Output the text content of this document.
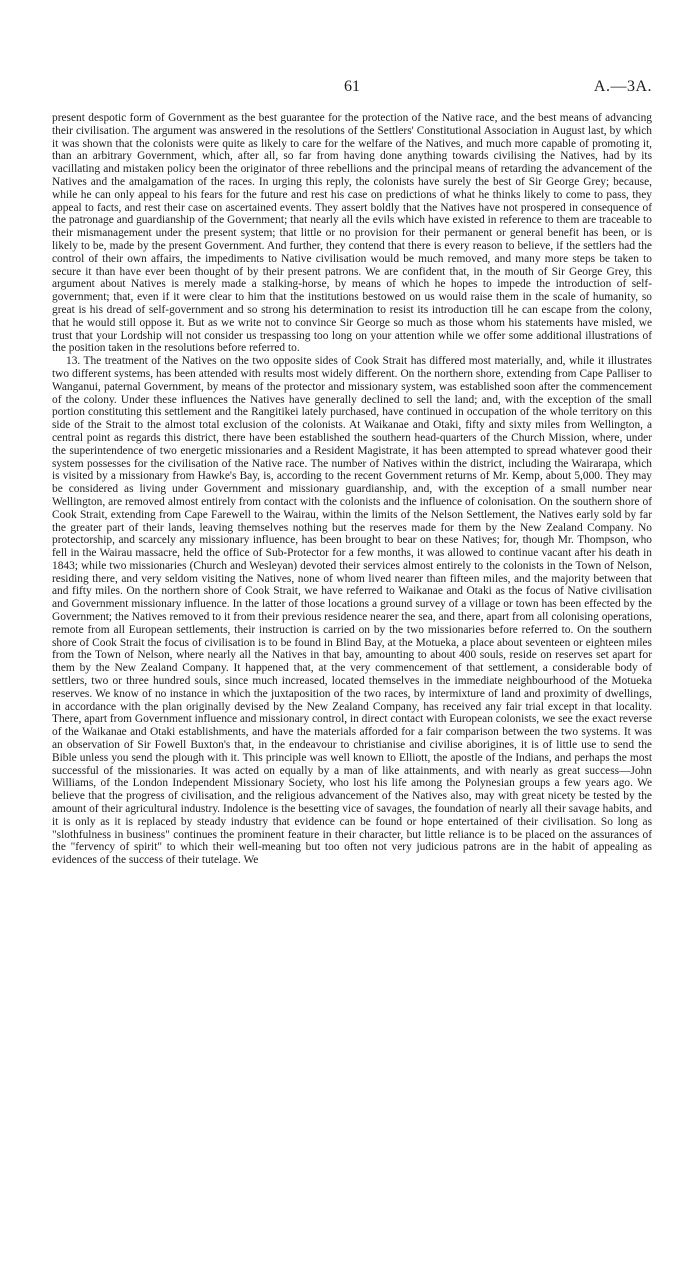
61	A.—3A.

present despotic form of Government as the best guarantee for the protection of the Native race, and the best means of advancing their civilisation. The argument was answered in the resolutions of the Settlers' Constitutional Association in August last, by which it was shown that the colonists were quite as likely to care for the welfare of the Natives, and much more capable of promoting it, than an arbitrary Government, which, after all, so far from having done anything towards civilising the Natives, had by its vacillating and mistaken policy been the originator of three rebellions and the principal means of retarding the advancement of the Natives and the amalgamation of the races. In urging this reply, the colonists have surely the best of Sir George Grey; because, while he can only appeal to his fears for the future and rest his case on predictions of what he thinks likely to come to pass, they appeal to facts, and rest their case on ascertained events. They assert boldly that the Natives have not prospered in consequence of the patronage and guardianship of the Government; that nearly all the evils which have existed in reference to them are traceable to their mismanagement under the present system; that little or no provision for their permanent or general benefit has been, or is likely to be, made by the present Government. And further, they contend that there is every reason to believe, if the settlers had the control of their own affairs, the impediments to Native civilisation would be much removed, and many more steps be taken to secure it than have ever been thought of by their present patrons. We are confident that, in the mouth of Sir George Grey, this argument about Natives is merely made a stalking-horse, by means of which he hopes to impede the introduction of self-government; that, even if it were clear to him that the institutions bestowed on us would raise them in the scale of humanity, so great is his dread of self-government and so strong his determination to resist its introduction till he can escape from the colony, that he would still oppose it. But as we write not to convince Sir George so much as those whom his statements have misled, we trust that your Lordship will not consider us trespassing too long on your attention while we offer some additional illustrations of the position taken in the resolutions before referred to.

13. The treatment of the Natives on the two opposite sides of Cook Strait has differed most materially, and, while it illustrates two different systems, has been attended with results most widely different. On the northern shore, extending from Cape Palliser to Wanganui, paternal Government, by means of the protector and missionary system, was established soon after the commencement of the colony. Under these influences the Natives have generally declined to sell the land; and, with the exception of the small portion constituting this settlement and the Rangitikei lately purchased, have continued in occupation of the whole territory on this side of the Strait to the almost total exclusion of the colonists. At Waikanae and Otaki, fifty and sixty miles from Wellington, a central point as regards this district, there have been established the southern head-quarters of the Church Mission, where, under the superintendence of two energetic missionaries and a Resident Magistrate, it has been attempted to spread whatever good their system possesses for the civilisation of the Native race. The number of Natives within the district, including the Wairarapa, which is visited by a missionary from Hawke's Bay, is, according to the recent Government returns of Mr. Kemp, about 5,000. They may be considered as living under Government and missionary guardianship, and, with the exception of a small number near Wellington, are removed almost entirely from contact with the colonists and the influence of colonisation. On the southern shore of Cook Strait, extending from Cape Farewell to the Wairau, within the limits of the Nelson Settlement, the Natives early sold by far the greater part of their lands, leaving themselves nothing but the reserves made for them by the New Zealand Company. No protectorship, and scarcely any missionary influence, has been brought to bear on these Natives; for, though Mr. Thompson, who fell in the Wairau massacre, held the office of Sub-Protector for a few months, it was allowed to continue vacant after his death in 1843; while two missionaries (Church and Wesleyan) devoted their services almost entirely to the colonists in the Town of Nelson, residing there, and very seldom visiting the Natives, none of whom lived nearer than fifteen miles, and the majority between that and fifty miles. On the northern shore of Cook Strait, we have referred to Waikanae and Otaki as the focus of Native civilisation and Government missionary influence. In the latter of those locations a ground survey of a village or town has been effected by the Government; the Natives removed to it from their previous residence nearer the sea, and there, apart from all colonising operations, remote from all European settlements, their instruction is carried on by the two missionaries before referred to. On the southern shore of Cook Strait the focus of civilisation is to be found in Blind Bay, at the Motueka, a place about seventeen or eighteen miles from the Town of Nelson, where nearly all the Natives in that bay, amounting to about 400 souls, reside on reserves set apart for them by the New Zealand Company. It happened that, at the very commencement of that settlement, a considerable body of settlers, two or three hundred souls, since much increased, located themselves in the immediate neighbourhood of the Motueka reserves. We know of no instance in which the juxtaposition of the two races, by intermixture of land and proximity of dwellings, in accordance with the plan originally devised by the New Zealand Company, has received any fair trial except in that locality. There, apart from Government influence and missionary control, in direct contact with European colonists, we see the exact reverse of the Waikanae and Otaki establishments, and have the materials afforded for a fair comparison between the two systems. It was an observation of Sir Fowell Buxton's that, in the endeavour to christianise and civilise aborigines, it is of little use to send the Bible unless you send the plough with it. This principle was well known to Elliott, the apostle of the Indians, and perhaps the most successful of the missionaries. It was acted on equally by a man of like attainments, and with nearly as great success—John Williams, of the London Independent Missionary Society, who lost his life among the Polynesian groups a few years ago. We believe that the progress of civilisation, and the religious advancement of the Natives also, may with great nicety be tested by the amount of their agricultural industry. Indolence is the besetting vice of savages, the foundation of nearly all their savage habits, and it is only as it is replaced by steady industry that evidence can be found or hope entertained of their civilisation. So long as "slothfulness in business" continues the prominent feature in their character, but little reliance is to be placed on the assurances of the "fervency of spirit" to which their well-meaning but too often not very judicious patrons are in the habit of appealing as evidences of the success of their tutelage. We
